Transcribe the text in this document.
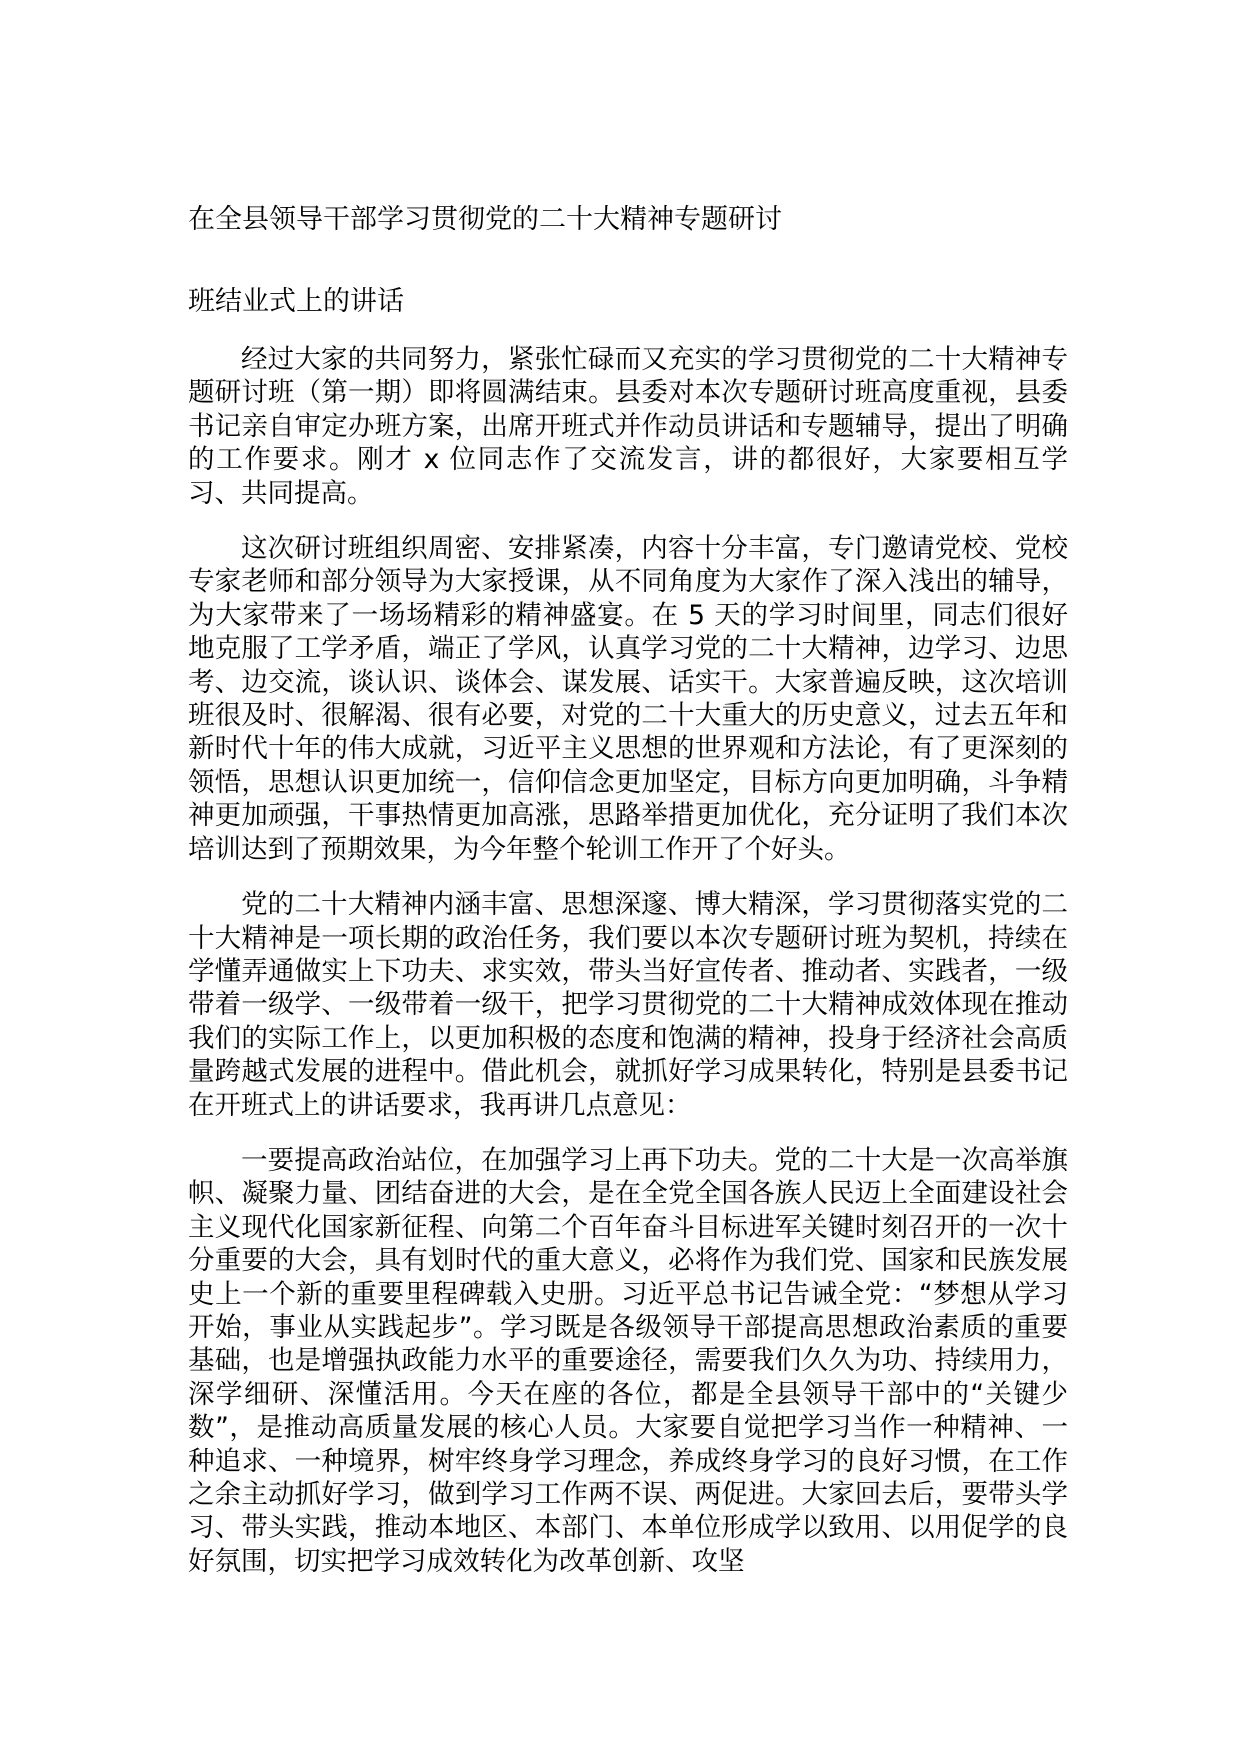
在全县领导干部学习贯彻党的二十大精神专题研讨
班结业式上的讲话

经过大家的共同努力，紧张忙碌而又充实的学习贯彻党的二十大精神专题研讨班（第一期）即将圆满结束。县委对本次专题研讨班高度重视，县委书记亲自审定办班方案，出席开班式并作动员讲话和专题辅导，提出了明确的工作要求。刚才 x 位同志作了交流发言，讲的都很好，大家要相互学习、共同提高。

这次研讨班组织周密、安排紧凑，内容十分丰富，专门邀请党校、党校专家老师和部分领导为大家授课，从不同角度为大家作了深入浅出的辅导，为大家带来了一场场精彩的精神盛宴。在 5 天的学习时间里，同志们很好地克服了工学矛盾，端正了学风，认真学习党的二十大精神，边学习、边思考、边交流，谈认识、谈体会、谋发展、话实干。大家普遍反映，这次培训班很及时、很解渴、很有必要，对党的二十大重大的历史意义，过去五年和新时代十年的伟大成就，习近平主义思想的世界观和方法论，有了更深刻的领悟，思想认识更加统一，信仰信念更加坚定，目标方向更加明确，斗争精神更加顽强，干事热情更加高涨，思路举措更加优化，充分证明了我们本次培训达到了预期效果，为今年整个轮训工作开了个好头。

党的二十大精神内涵丰富、思想深邃、博大精深，学习贯彻落实党的二十大精神是一项长期的政治任务，我们要以本次专题研讨班为契机，持续在学懂弄通做实上下功夫、求实效，带头当好宣传者、推动者、实践者，一级带着一级学、一级带着一级干，把学习贯彻党的二十大精神成效体现在推动我们的实际工作上，以更加积极的态度和饱满的精神，投身于经济社会高质量跨越式发展的进程中。借此机会，就抓好学习成果转化，特别是县委书记在开班式上的讲话要求，我再讲几点意见：

一要提高政治站位，在加强学习上再下功夫。党的二十大是一次高举旗帜、凝聚力量、团结奋进的大会，是在全党全国各族人民迈上全面建设社会主义现代化国家新征程、向第二个百年奋斗目标进军关键时刻召开的一次十分重要的大会，具有划时代的重大意义，必将作为我们党、国家和民族发展史上一个新的重要里程碑载入史册。习近平总书记告诫全党：“梦想从学习开始，事业从实践起步”。学习既是各级领导干部提高思想政治素质的重要基础，也是增强执政能力水平的重要途径，需要我们久久为功、持续用力，深学细研、深懂活用。今天在座的各位，都是全县领导干部中的“关键少数”，是推动高质量发展的核心人员。大家要自觉把学习当作一种精神、一种追求、一种境界，树牢终身学习理念，养成终身学习的良好习惯，在工作之余主动抓好学习，做到学习工作两不误、两促进。大家回去后，要带头学习、带头实践，推动本地区、本部门、本单位形成学以致用、以用促学的良好氛围，切实把学习成效转化为改革创新、攻坚
